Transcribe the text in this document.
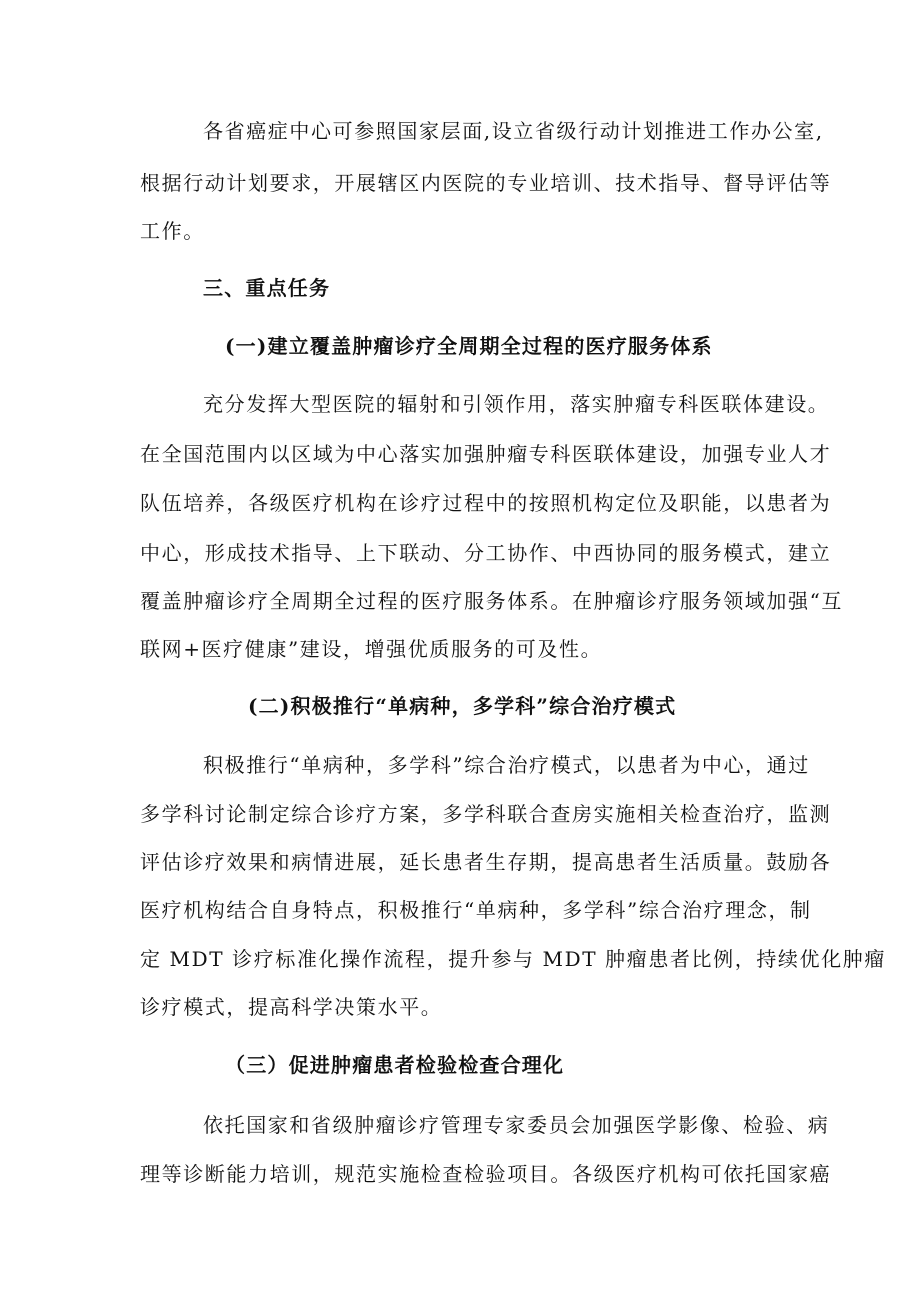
各省癌症中心可参照国家层面,设立省级行动计划推进工作办公室,
根据行动计划要求，开展辖区内医院的专业培训、技术指导、督导评估等
工作。
三、重点任务
(一)建立覆盖肿瘤诊疗全周期全过程的医疗服务体系
充分发挥大型医院的辐射和引领作用，落实肿瘤专科医联体建设。
在全国范围内以区域为中心落实加强肿瘤专科医联体建设，加强专业人才
队伍培养，各级医疗机构在诊疗过程中的按照机构定位及职能，以患者为
中心，形成技术指导、上下联动、分工协作、中西协同的服务模式，建立
覆盖肿瘤诊疗全周期全过程的医疗服务体系。在肿瘤诊疗服务领域加强“互
联网+医疗健康”建设，增强优质服务的可及性。
(二)积极推行“单病种，多学科”综合治疗模式
积极推行“单病种，多学科”综合治疗模式，以患者为中心，通过
多学科讨论制定综合诊疗方案，多学科联合查房实施相关检查治疗，监测
评估诊疗效果和病情进展，延长患者生存期，提高患者生活质量。鼓励各
医疗机构结合自身特点，积极推行“单病种，多学科”综合治疗理念，制
定 MDT 诊疗标准化操作流程，提升参与 MDT 肿瘤患者比例，持续优化肿瘤
诊疗模式，提高科学决策水平。
（三）促进肿瘤患者检验检查合理化
依托国家和省级肿瘤诊疗管理专家委员会加强医学影像、检验、病
理等诊断能力培训，规范实施检查检验项目。各级医疗机构可依托国家癌
